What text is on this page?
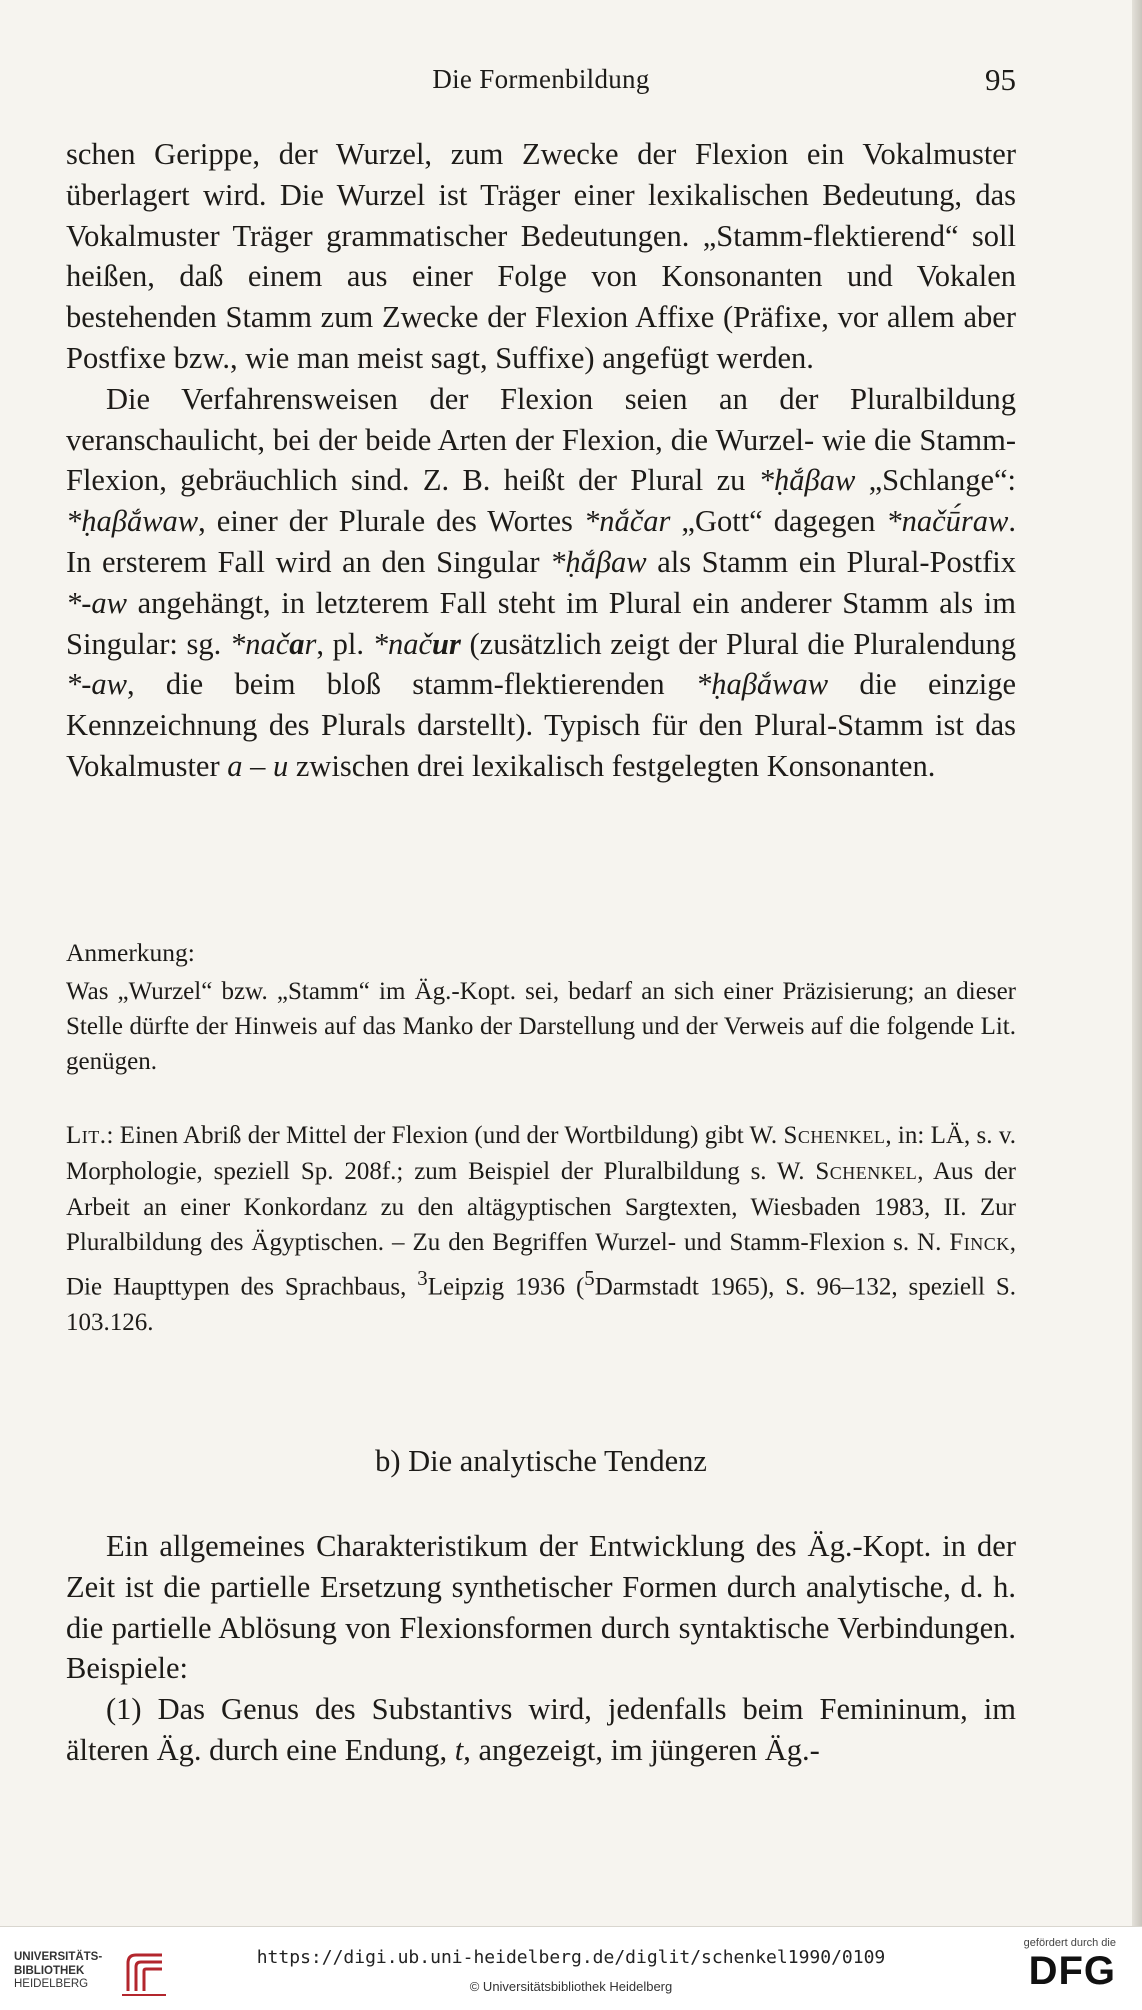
Die Formenbildung	95

schen Gerippe, der Wurzel, zum Zwecke der Flexion ein Vokalmuster überlagert wird. Die Wurzel ist Träger einer lexikalischen Bedeutung, das Vokalmuster Träger grammatischer Bedeutungen. „Stamm-flektierend“ soll heißen, daß einem aus einer Folge von Konsonanten und Vokalen bestehenden Stamm zum Zwecke der Flexion Affixe (Präfixe, vor allem aber Postfixe bzw., wie man meist sagt, Suffixe) angefügt werden.

Die Verfahrensweisen der Flexion seien an der Pluralbildung veranschaulicht, bei der beide Arten der Flexion, die Wurzel- wie die Stamm-Flexion, gebräuchlich sind. Z. B. heißt der Plural zu *ḥắβaw „Schlange“: *ḥaβắwaw, einer der Plurale des Wortes *nắčar „Gott“ dagegen *načū́raw. In ersterem Fall wird an den Singular *ḥắβaw als Stamm ein Plural-Postfix *-aw angehängt, in letzterem Fall steht im Plural ein anderer Stamm als im Singular: sg. *načar, pl. *načur (zusätzlich zeigt der Plural die Pluralendung *-aw, die beim bloß stamm-flektierenden *ḥaβắwaw die einzige Kennzeichnung des Plurals darstellt). Typisch für den Plural-Stamm ist das Vokalmuster a – u zwischen drei lexikalisch festgelegten Konsonanten.

Anmerkung:

Was „Wurzel“ bzw. „Stamm“ im Äg.-Kopt. sei, bedarf an sich einer Präzisierung; an dieser Stelle dürfte der Hinweis auf das Manko der Darstellung und der Verweis auf die folgende Lit. genügen.

Lit.: Einen Abriß der Mittel der Flexion (und der Wortbildung) gibt W. Schenkel, in: LÄ, s. v. Morphologie, speziell Sp. 208f.; zum Beispiel der Pluralbildung s. W. Schenkel, Aus der Arbeit an einer Konkordanz zu den altägyptischen Sargtexten, Wiesbaden 1983, II. Zur Pluralbildung des Ägyptischen. – Zu den Begriffen Wurzel- und Stamm-Flexion s. N. Finck, Die Haupttypen des Sprachbaus, $^3$Leipzig 1936 ($^5$Darmstadt 1965), S. 96–132, speziell S. 103.126.

b) Die analytische Tendenz

Ein allgemeines Charakteristikum der Entwicklung des Äg.-Kopt. in der Zeit ist die partielle Ersetzung synthetischer Formen durch analytische, d. h. die partielle Ablösung von Flexionsformen durch syntaktische Verbindungen. Beispiele:

(1) Das Genus des Substantivs wird, jedenfalls beim Femininum, im älteren Äg. durch eine Endung, t, angezeigt, im jüngeren Äg.-

UNIVERSITÄTS-
BIBLIOTHEK
HEIDELBERG
https://digi.ub.uni-heidelberg.de/diglit/schenkel1990/0109
© Universitätsbibliothek Heidelberg
gefördert durch die
DFG
